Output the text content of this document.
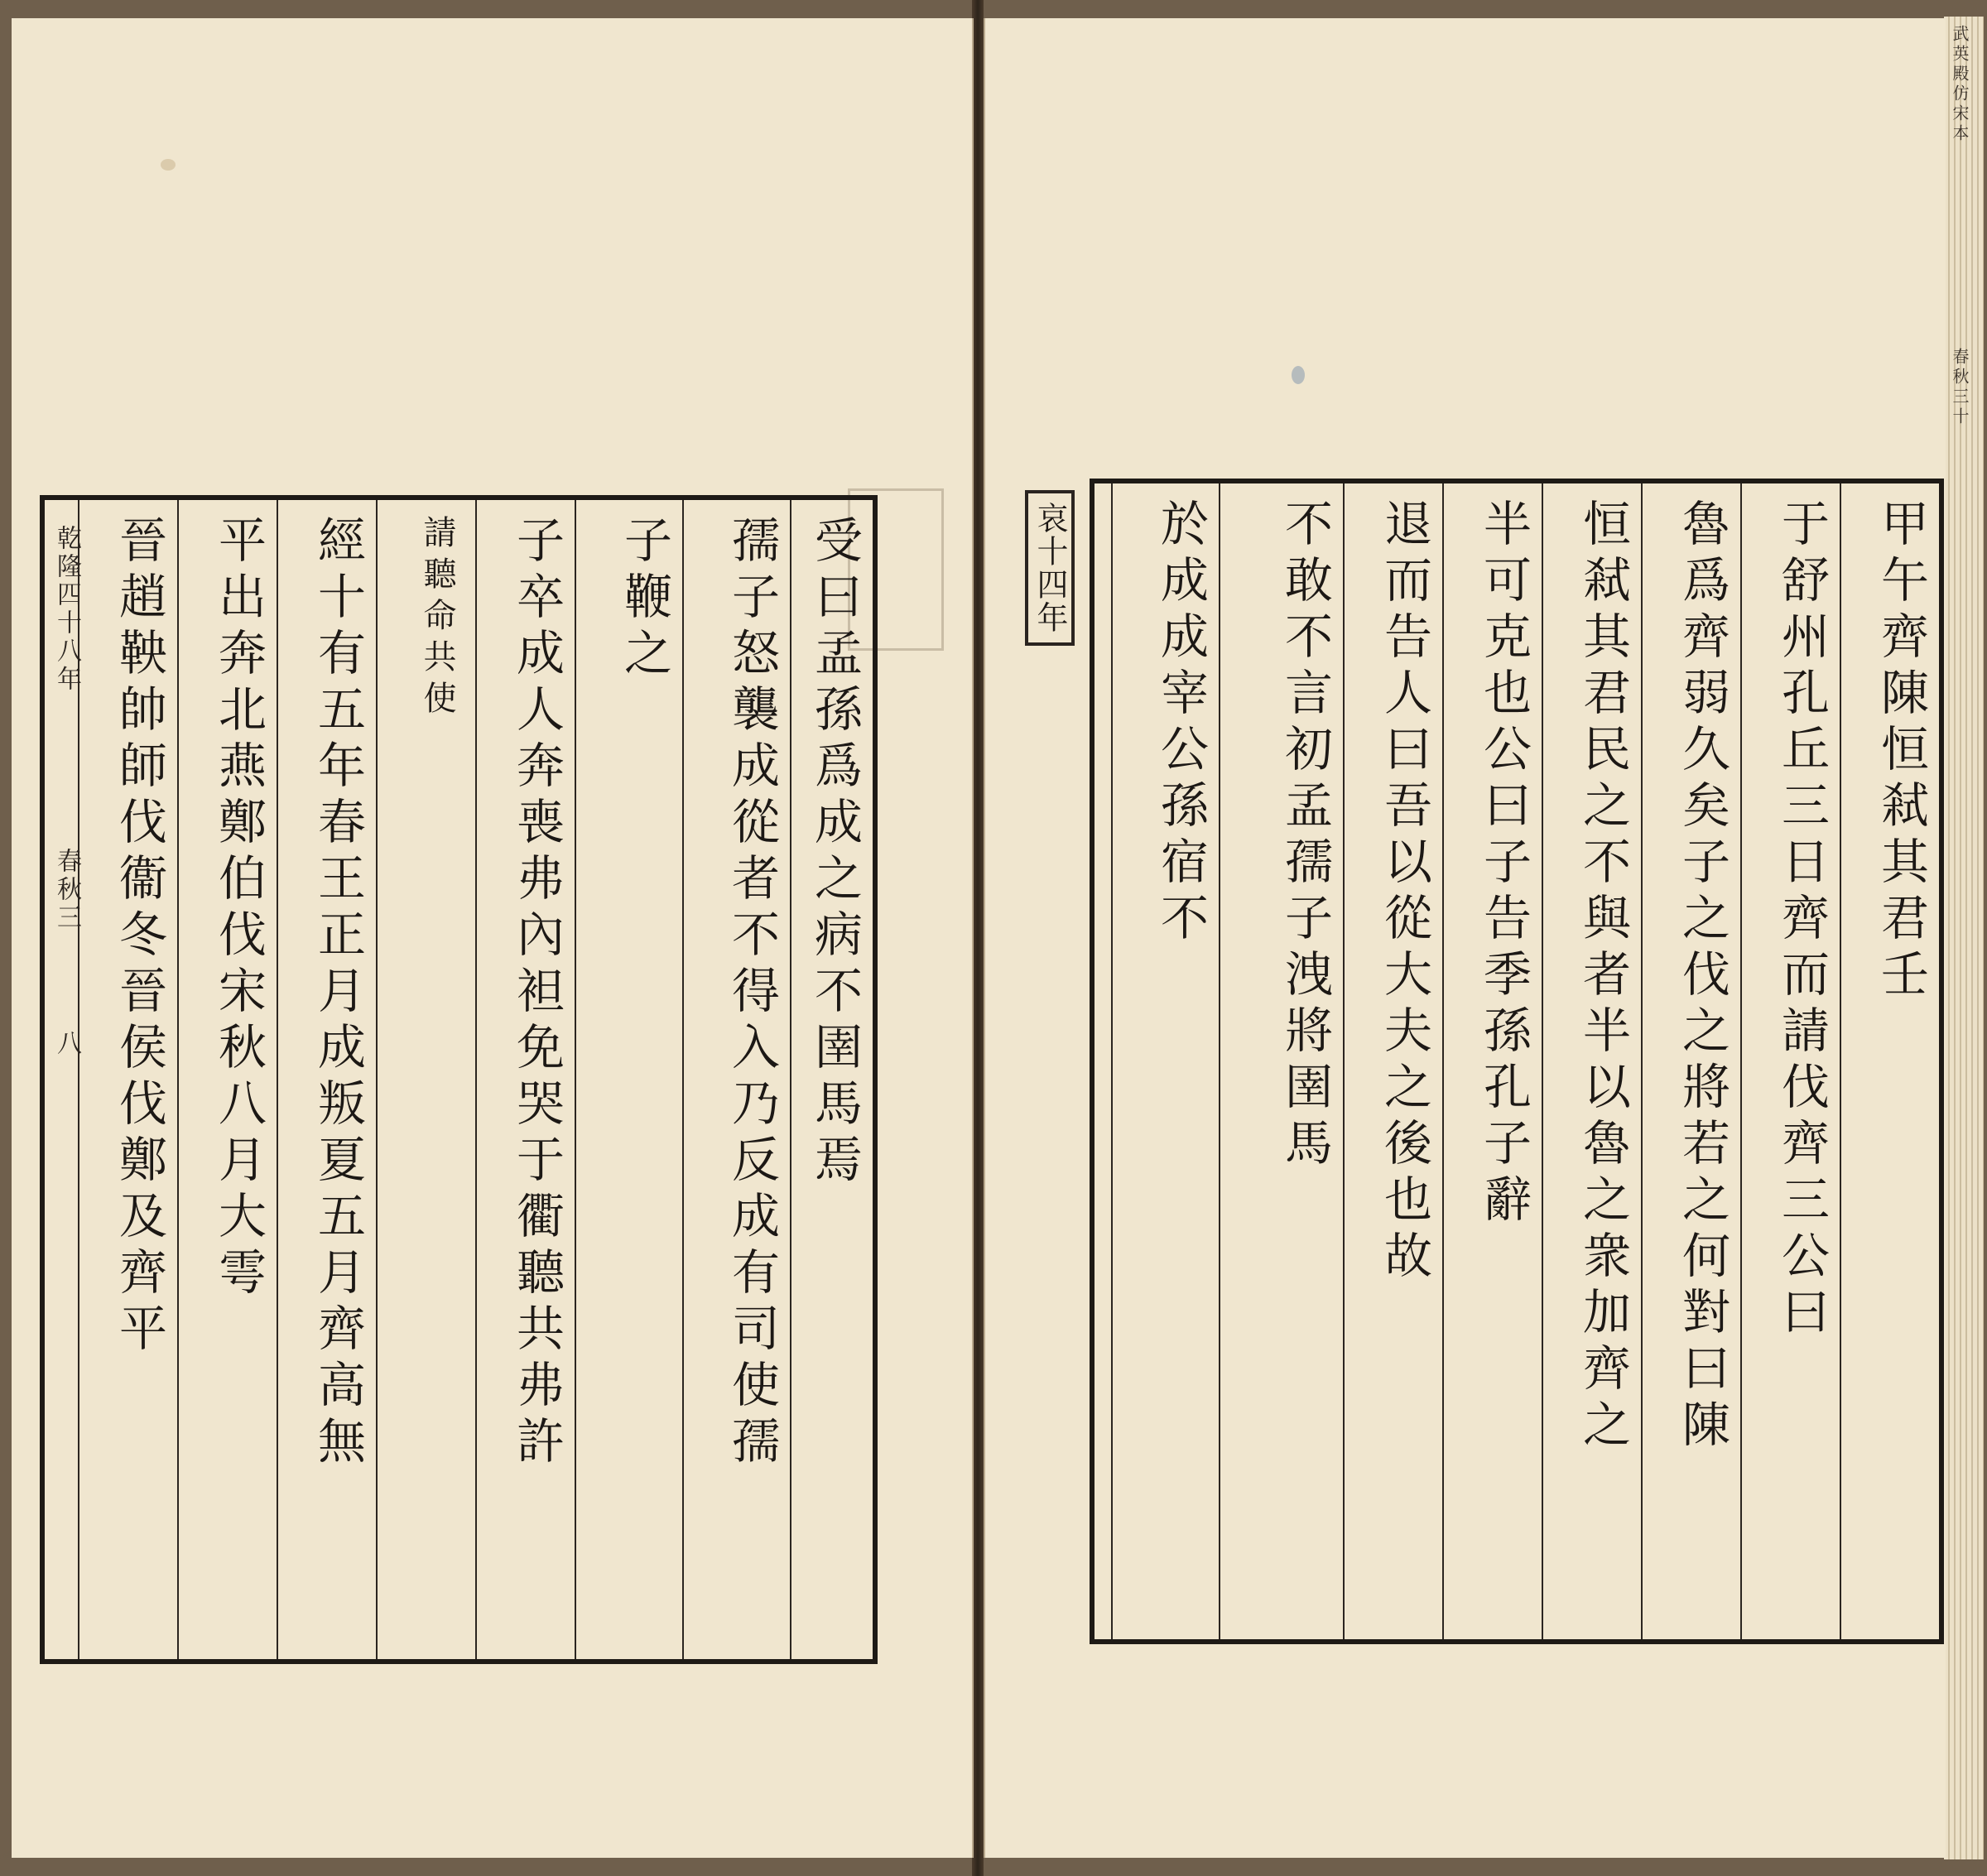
受曰孟孫爲成之病不圉馬焉
孺子怒襲成從者不得入乃反成有司使孺
子鞭之
子卒成人奔喪弗內袒免哭于衢聽共弗許
請聽命共使
經十有五年春王正月成叛夏五月齊高無
平出奔北燕鄭伯伐宋秋八月大雩
晉趙鞅帥師伐衞冬晉侯伐鄭及齊平
乾隆四十八年
春秋三
八
哀十四年	甲午齊陳恒弒其君壬
于舒州孔丘三日齊而請伐齊三公曰
魯爲齊弱久矣子之伐之將若之何對曰陳
恒弒其君民之不與者半以魯之衆加齊之
半可克也公曰子告季孫孔子辭
退而告人曰吾以從大夫之後也故
不敢不言初孟孺子洩將圉馬
於成成宰公孫宿不
武英殿仿宋本
春秋三十
